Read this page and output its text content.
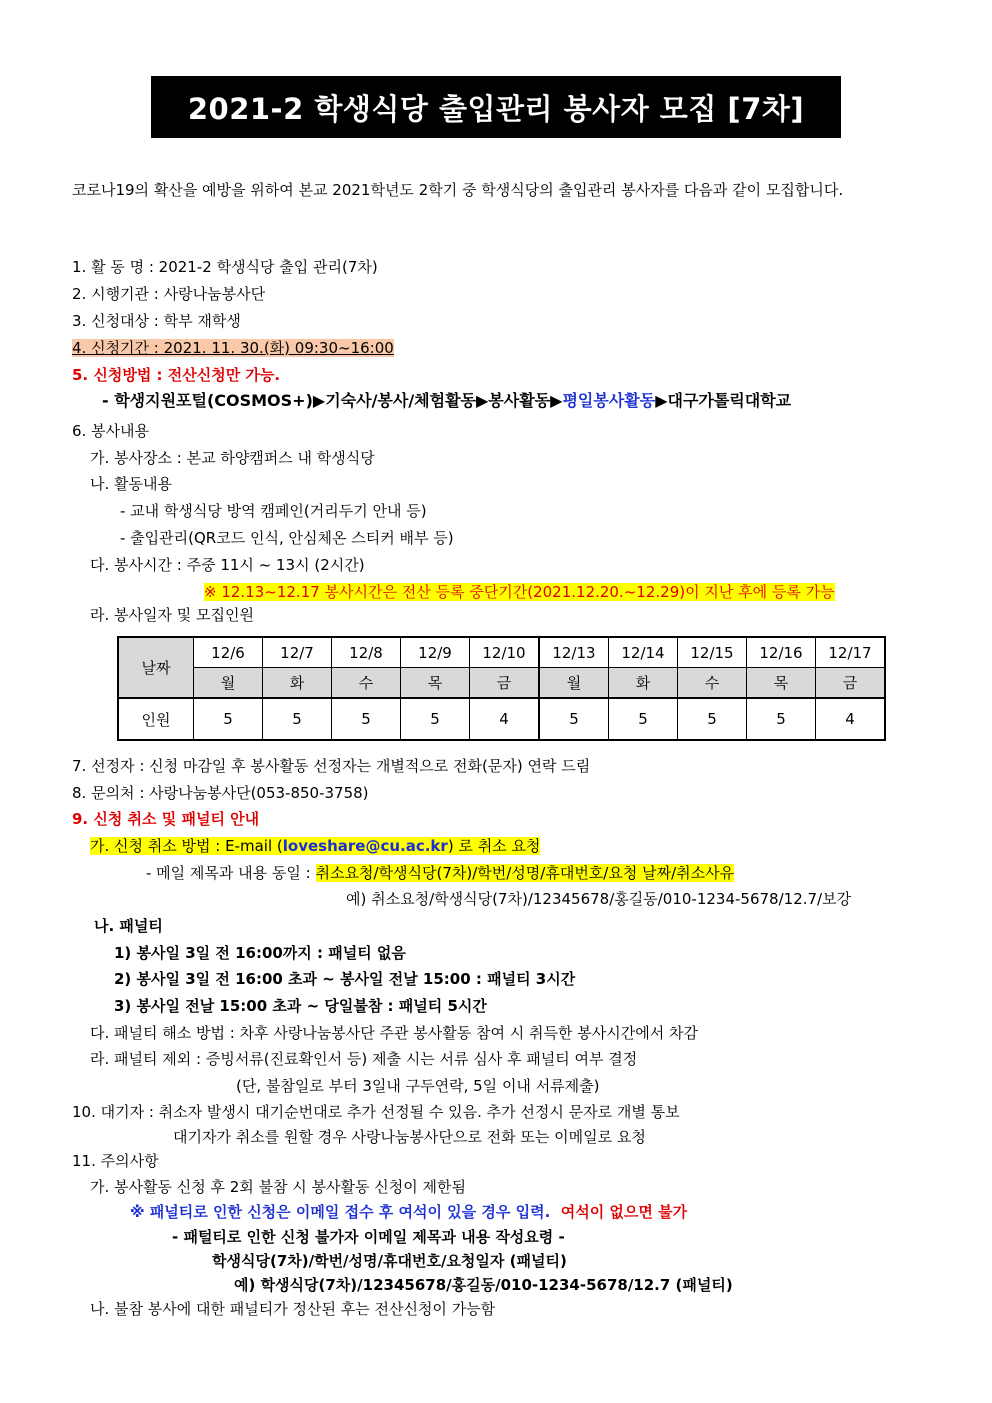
2021-2 학생식당 출입관리 봉사자 모집 [7차]
코로나19의 확산을 예방을 위하여 본교 2021학년도 2학기 중 학생식당의 출입관리 봉사자를 다음과 같이 모집합니다.
1. 활 동 명 : 2021-2 학생식당 출입 관리(7차)
2. 시행기관 : 사랑나눔봉사단
3. 신청대상 : 학부 재학생
4. 신청기간 : 2021. 11. 30.(화) 09:30~16:00
5. 신청방법 : 전산신청만 가능.
- 학생지원포털(COSMOS+)▶기숙사/봉사/체험활동▶봉사활동▶평일봉사활동▶대구가톨릭대학교
6. 봉사내용
가. 봉사장소 : 본교 하양캠퍼스 내 학생식당
나. 활동내용
- 교내 학생식당 방역 캠페인(거리두기 안내 등)
- 출입관리(QR코드 인식, 안심체온 스티커 배부 등)
다. 봉사시간 : 주중 11시 ~ 13시 (2시간)
※ 12.13~12.17 봉사시간은 전산 등록 중단기간(2021.12.20.~12.29)이 지난 후에 등록 가능
라. 봉사일자 및 모집인원
날짜	12/6	12/7	12/8	12/9	12/10	12/13	12/14	12/15	12/16	12/17
	월	화	수	목	금	월	화	수	목	금
인원	5	5	5	5	4	5	5	5	5	4
7. 선정자 : 신청 마감일 후 봉사활동 선정자는 개별적으로 전화(문자) 연락 드림
8. 문의처 : 사랑나눔봉사단(053-850-3758)
9. 신청 취소 및 패널티 안내
가. 신청 취소 방법 : E-mail (loveshare@cu.ac.kr) 로 취소 요청
- 메일 제목과 내용 동일 : 취소요청/학생식당(7차)/학번/성명/휴대번호/요청 날짜/취소사유
예) 취소요청/학생식당(7차)/12345678/홍길동/010-1234-5678/12.7/보강
나. 패널티
1) 봉사일 3일 전 16:00까지 : 패널티 없음
2) 봉사일 3일 전 16:00 초과 ~ 봉사일 전날 15:00 : 패널티 3시간
3) 봉사일 전날 15:00 초과 ~ 당일불참 : 패널티 5시간
다. 패널티 해소 방법 : 차후 사랑나눔봉사단 주관 봉사활동 참여 시 취득한 봉사시간에서 차감
라. 패널티 제외 : 증빙서류(진료확인서 등) 제출 시는 서류 심사 후 패널티 여부 결정
(단, 불참일로 부터 3일내 구두연락, 5일 이내 서류제출)
10. 대기자 : 취소자 발생시 대기순번대로 추가 선정될 수 있음. 추가 선정시 문자로 개별 통보
대기자가 취소를 원할 경우 사랑나눔봉사단으로 전화 또는 이메일로 요청
11. 주의사항
가. 봉사활동 신청 후 2회 불참 시 봉사활동 신청이 제한됨
※ 패널티로 인한 신청은 이메일 접수 후 여석이 있을 경우 입력. 여석이 없으면 불가
- 패털티로 인한 신청 불가자 이메일 제목과 내용 작성요령 -
학생식당(7차)/학번/성명/휴대번호/요청일자 (패널티)
예) 학생식당(7차)/12345678/홍길동/010-1234-5678/12.7 (패널티)
나. 불참 봉사에 대한 패널티가 정산된 후는 전산신청이 가능함
